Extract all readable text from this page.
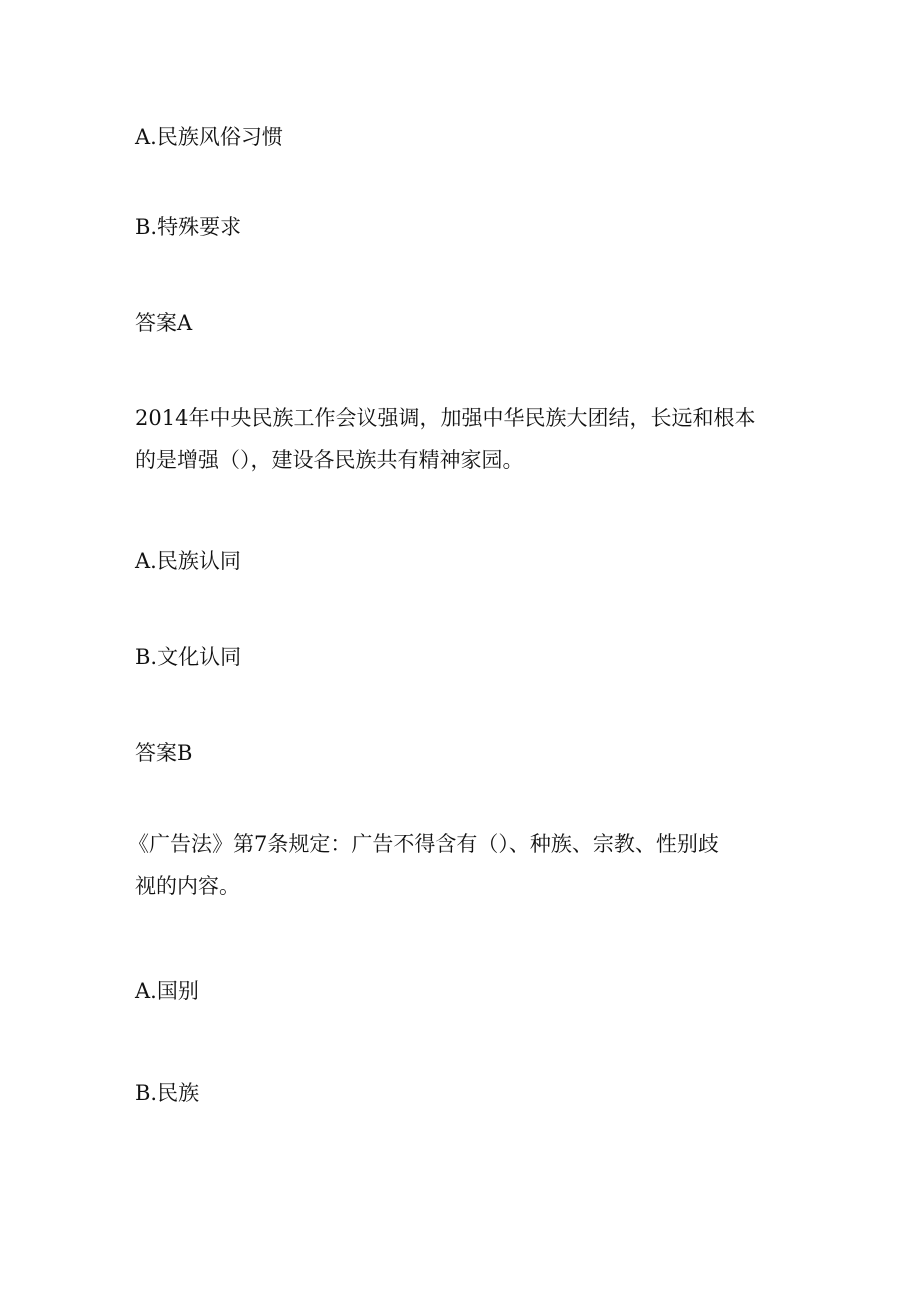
A.民族风俗习惯

B.特殊要求

答案A

2014年中央民族工作会议强调，加强中华民族大团结，长远和根本
的是增强（），建设各民族共有精神家园。

A.民族认同

B.文化认同

答案B

《广告法》第7条规定：广告不得含有（）、种族、宗教、性别歧
视的内容。

A.国别

B.民族
